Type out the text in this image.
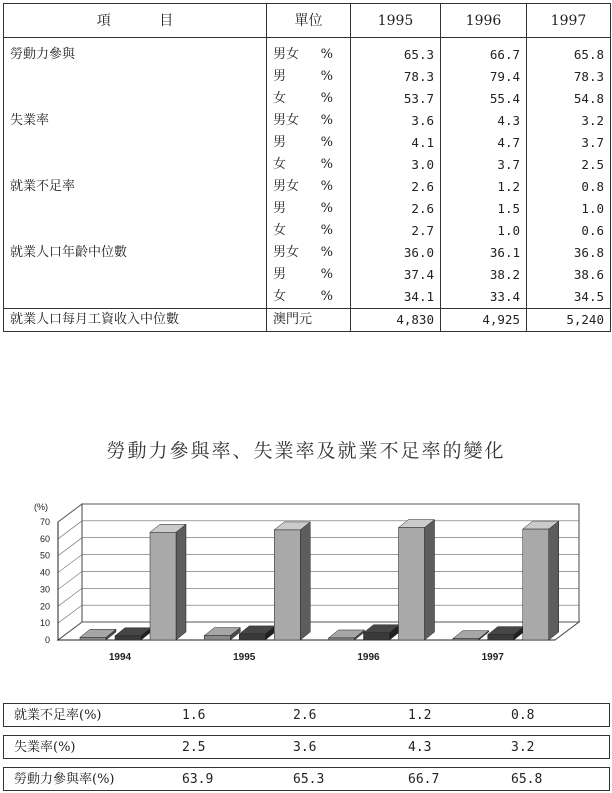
項 目	單位	1995	1996	1997
勞動力參與	男女 %	65.3	66.7	65.8
	男 %	78.3	79.4	78.3
	女 %	53.7	55.4	54.8
失業率	男女 %	3.6	4.3	3.2
	男 %	4.1	4.7	3.7
	女 %	3.0	3.7	2.5
就業不足率	男女 %	2.6	1.2	0.8
	男 %	2.6	1.5	1.0
	女 %	2.7	1.0	0.6
就業人口年齡中位數	男女 %	36.0	36.1	36.8
	男 %	37.4	38.2	38.6
	女 %	34.1	33.4	34.5
就業人口每月工資收入中位數	澳門元	4,830	4,925	5,240
勞動力參與率、失業率及就業不足率的變化
0
10
20
30
40
50
60
70
(%)
1994	1995	1996	1997
就業不足率(%)	1.6	2.6	1.2	0.8
失業率(%)	2.5	3.6	4.3	3.2
勞動力參與率(%)	63.9	65.3	66.7	65.8
